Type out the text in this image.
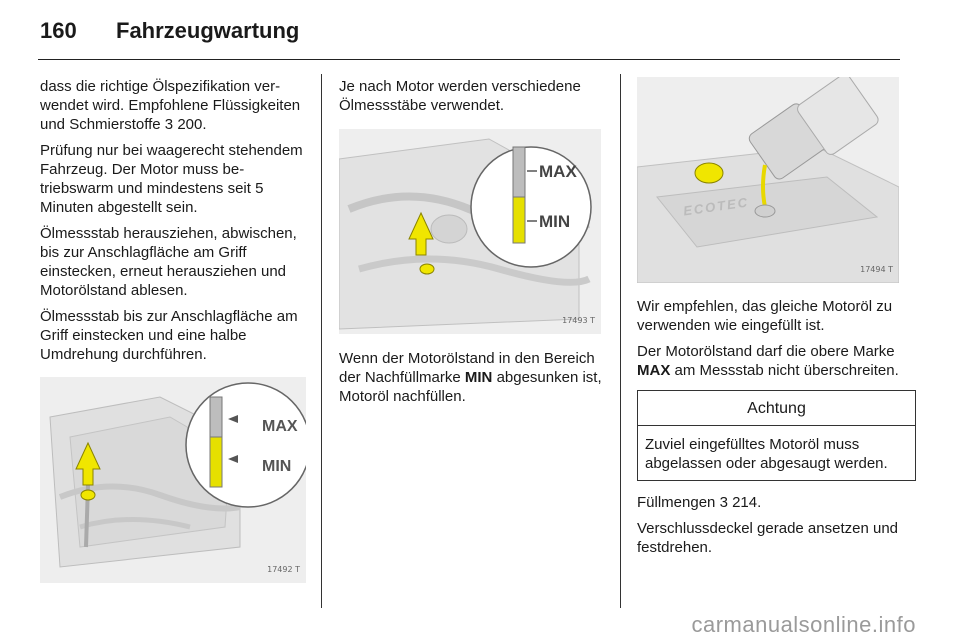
160 Fahrzeugwartung

dass die richtige Ölspezifikation verwendet wird. Empfohlene Flüssigkeiten und Schmierstoffe 3 200.

Prüfung nur bei waagerecht stehendem Fahrzeug. Der Motor muss betriebswarm und mindestens seit 5 Minuten abgestellt sein.

Ölmessstab herausziehen, abwischen, bis zur Anschlagfläche am Griff einstecken, erneut herausziehen und Motorölstand ablesen.

Ölmessstab bis zur Anschlagfläche am Griff einstecken und eine halbe Umdrehung durchführen.

MAX
MIN
17492 T

Je nach Motor werden verschiedene Ölmessstäbe verwendet.

MAX
MIN
17493 T

Wenn der Motorölstand in den Bereich der Nachfüllmarke MIN abgesunken ist, Motoröl nachfüllen.

ECOTEC
17494 T

Wir empfehlen, das gleiche Motoröl zu verwenden wie eingefüllt ist.

Der Motorölstand darf die obere Marke MAX am Messstab nicht überschreiten.

Achtung
Zuviel eingefülltes Motoröl muss abgelassen oder abgesaugt werden.

Füllmengen 3 214.

Verschlussdeckel gerade ansetzen und festdrehen.

carmanualsonline.info
